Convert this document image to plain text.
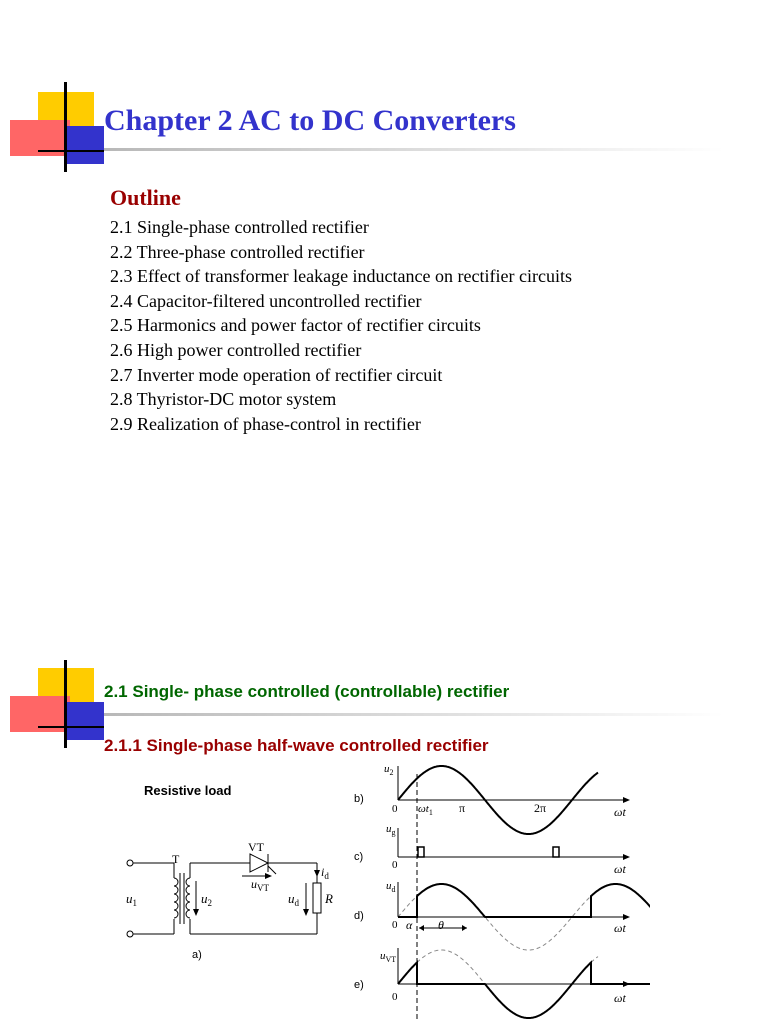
Chapter 2 AC to DC Converters
Outline
2.1 Single-phase controlled rectifier
2.2 Three-phase controlled rectifier
2.3 Effect of transformer leakage inductance on rectifier circuits
2.4 Capacitor-filtered uncontrolled rectifier
2.5 Harmonics and power factor of rectifier circuits
2.6 High power controlled rectifier
2.7 Inverter mode operation of rectifier circuit
2.8 Thyristor-DC motor system
2.9 Realization of phase-control in rectifier
2.1 Single- phase controlled (controllable) rectifier
2.1.1 Single-phase half-wave controlled rectifier
Resistive load
T
$u_1$	$u_2$
VT
$u_{VT}$
$i_d$
R
$u_d$
a)
b)
c)
d)
e)
$u_2$
0 $\omega t_1$ π	2π	ωt
$u_g$
0	ωt
$u_d$
0 α θ	ωt
$u_{VT}$
0	ωt
